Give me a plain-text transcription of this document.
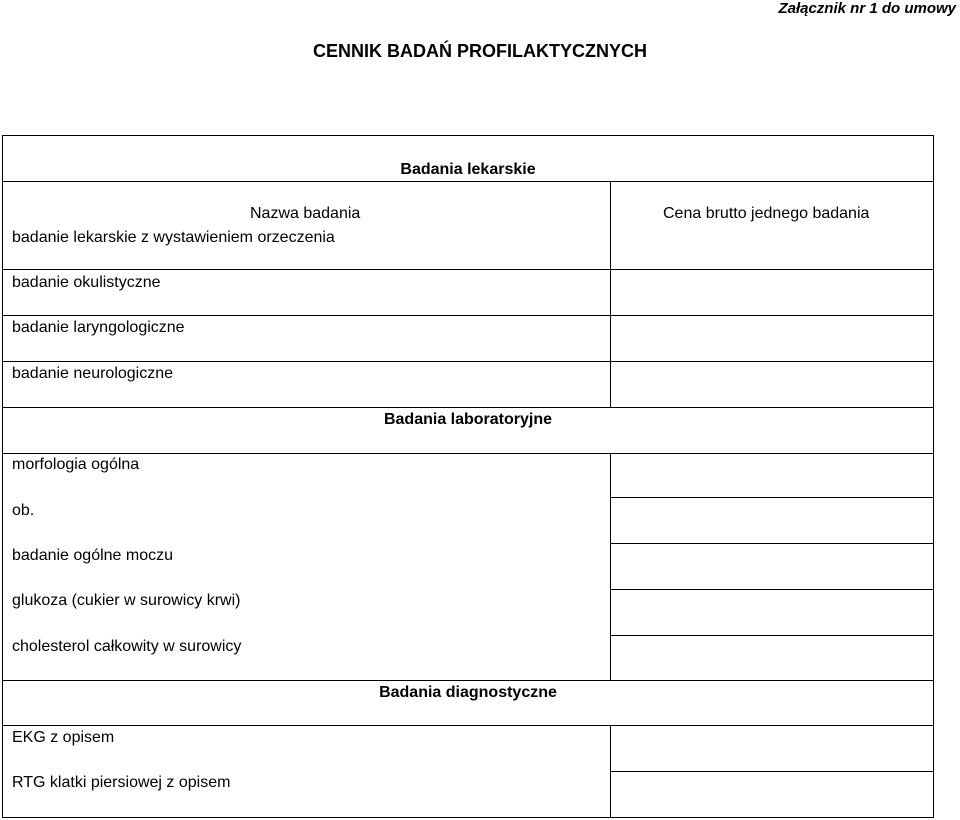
Załącznik nr 1 do umowy
CENNIK BADAŃ PROFILAKTYCZNYCH
Badania lekarskie
Nazwa badania	Cena brutto jednego badania
badanie lekarskie z wystawieniem orzeczenia
badanie okulistyczne
badanie laryngologiczne
badanie neurologiczne
Badania laboratoryjne
morfologia ogólna
ob.
badanie ogólne moczu
glukoza (cukier w surowicy krwi)
cholesterol całkowity w surowicy
Badania diagnostyczne
EKG z opisem
RTG klatki piersiowej z opisem
